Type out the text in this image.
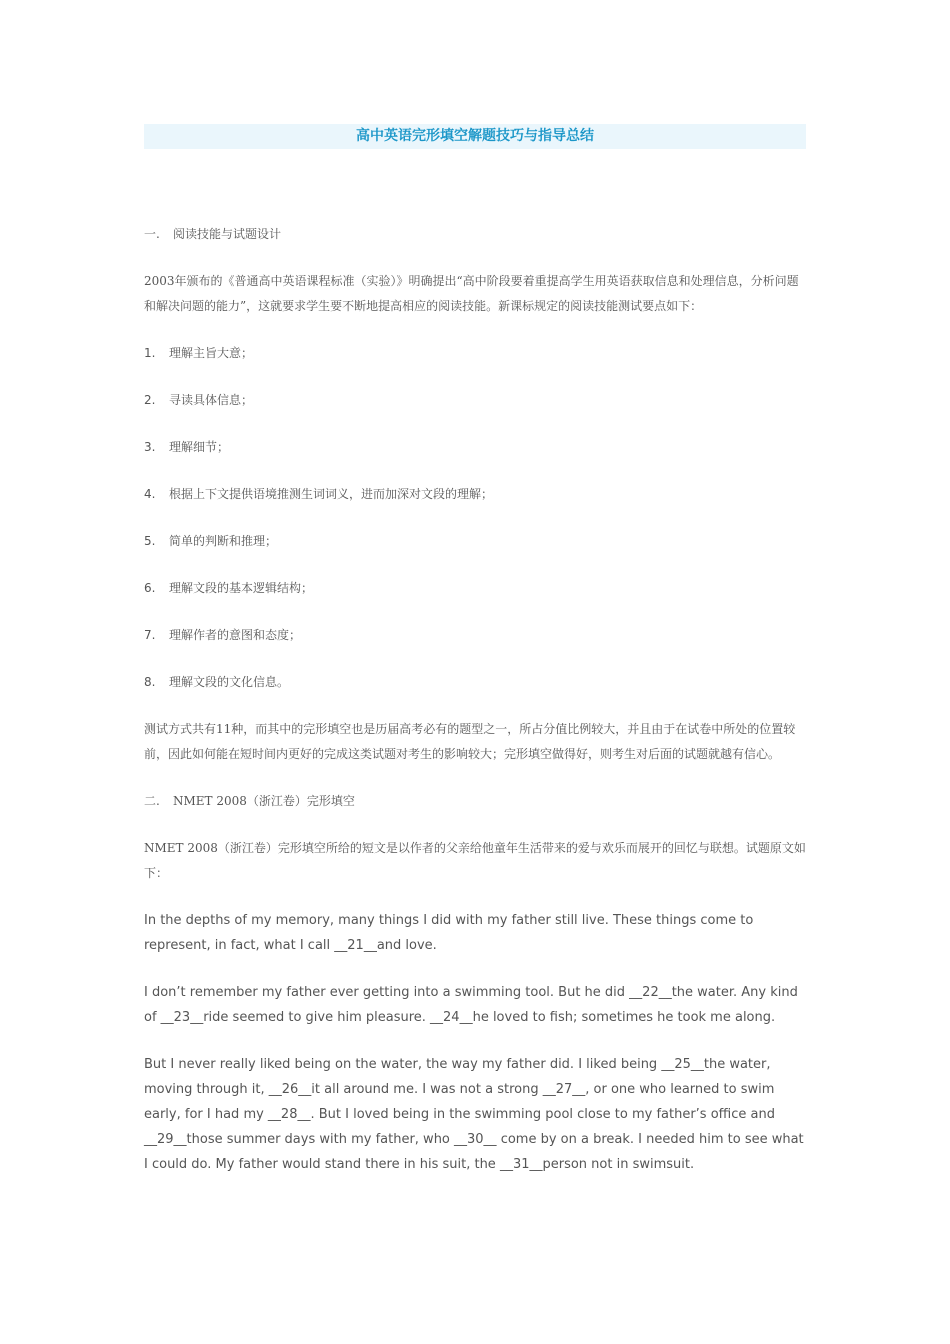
高中英语完形填空解题技巧与指导总结
一. 阅读技能与试题设计

2003年颁布的《普通高中英语课程标准（实验）》明确提出“高中阶段要着重提高学生用英语获取信息和处理信息，分析问题和解决问题的能力”，这就要求学生要不断地提高相应的阅读技能。新课标规定的阅读技能测试要点如下：

1. 理解主旨大意；

2. 寻读具体信息；

3. 理解细节；

4. 根据上下文提供语境推测生词词义，进而加深对文段的理解；

5. 简单的判断和推理；

6. 理解文段的基本逻辑结构；

7. 理解作者的意图和态度；

8. 理解文段的文化信息。

测试方式共有11种，而其中的完形填空也是历届高考必有的题型之一，所占分值比例较大，并且由于在试卷中所处的位置较前，因此如何能在短时间内更好的完成这类试题对考生的影响较大；完形填空做得好，则考生对后面的试题就越有信心。

二. NMET 2008（浙江卷）完形填空

NMET 2008（浙江卷）完形填空所给的短文是以作者的父亲给他童年生活带来的爱与欢乐而展开的回忆与联想。试题原文如下：

In the depths of my memory, many things I did with my father still live. These things come to represent, in fact, what I call __21__and love.

I don’t remember my father ever getting into a swimming tool. But he did __22__the water. Any kind of __23__ride seemed to give him pleasure. __24__he loved to fish; sometimes he took me along.

But I never really liked being on the water, the way my father did. I liked being __25__the water, moving through it, __26__it all around me. I was not a strong __27__, or one who learned to swim early, for I had my __28__. But I loved being in the swimming pool close to my father’s office and __29__those summer days with my father, who __30__ come by on a break. I needed him to see what I could do. My father would stand there in his suit, the __31__person not in swimsuit.
